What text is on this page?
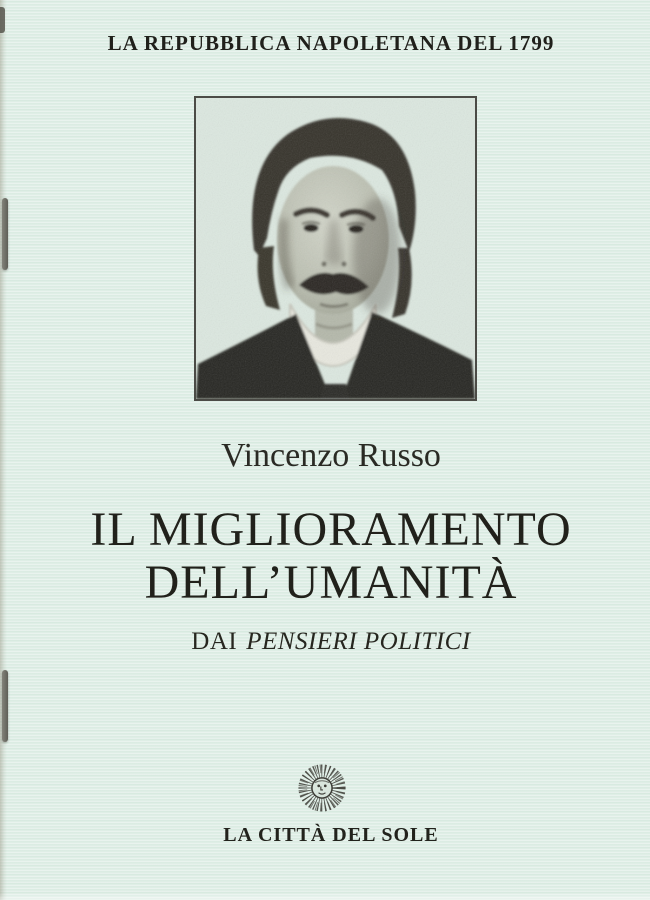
LA REPUBBLICA NAPOLETANA DEL 1799
Vincenzo Russo
IL MIGLIORAMENTO
DELL’UMANITÀ
DAI PENSIERI POLITICI
LA CITTÀ DEL SOLE
